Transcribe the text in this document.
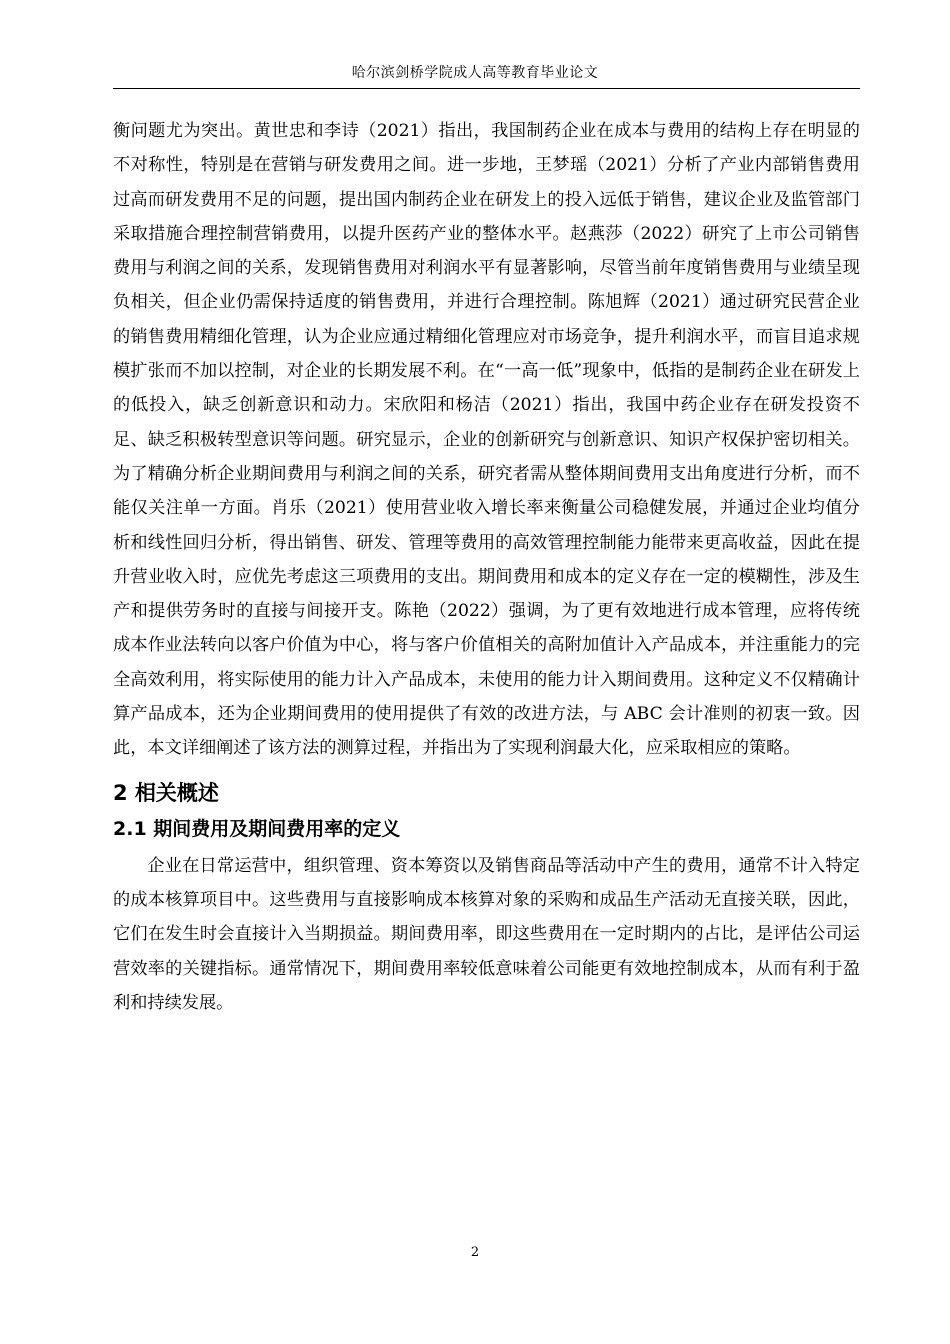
哈尔滨剑桥学院成人高等教育毕业论文

衡问题尤为突出。黄世忠和李诗（2021）指出，我国制药企业在成本与费用的结构上存在明显的不对称性，特别是在营销与研发费用之间。进一步地，王梦瑶（2021）分析了产业内部销售费用过高而研发费用不足的问题，提出国内制药企业在研发上的投入远低于销售，建议企业及监管部门采取措施合理控制营销费用，以提升医药产业的整体水平。赵燕莎（2022）研究了上市公司销售费用与利润之间的关系，发现销售费用对利润水平有显著影响，尽管当前年度销售费用与业绩呈现负相关，但企业仍需保持适度的销售费用，并进行合理控制。陈旭辉（2021）通过研究民营企业的销售费用精细化管理，认为企业应通过精细化管理应对市场竞争，提升利润水平，而盲目追求规模扩张而不加以控制，对企业的长期发展不利。在“一高一低”现象中，低指的是制药企业在研发上的低投入，缺乏创新意识和动力。宋欣阳和杨洁（2021）指出，我国中药企业存在研发投资不足、缺乏积极转型意识等问题。研究显示，企业的创新研究与创新意识、知识产权保护密切相关。为了精确分析企业期间费用与利润之间的关系，研究者需从整体期间费用支出角度进行分析，而不能仅关注单一方面。肖乐（2021）使用营业收入增长率来衡量公司稳健发展，并通过企业均值分析和线性回归分析，得出销售、研发、管理等费用的高效管理控制能力能带来更高收益，因此在提升营业收入时，应优先考虑这三项费用的支出。期间费用和成本的定义存在一定的模糊性，涉及生产和提供劳务时的直接与间接开支。陈艳（2022）强调，为了更有效地进行成本管理，应将传统成本作业法转向以客户价值为中心，将与客户价值相关的高附加值计入产品成本，并注重能力的完全高效利用，将实际使用的能力计入产品成本，未使用的能力计入期间费用。这种定义不仅精确计算产品成本，还为企业期间费用的使用提供了有效的改进方法，与 ABC 会计准则的初衷一致。因此，本文详细阐述了该方法的测算过程，并指出为了实现利润最大化，应采取相应的策略。

2 相关概述
2.1 期间费用及期间费用率的定义

企业在日常运营中，组织管理、资本筹资以及销售商品等活动中产生的费用，通常不计入特定的成本核算项目中。这些费用与直接影响成本核算对象的采购和成品生产活动无直接关联，因此，它们在发生时会直接计入当期损益。期间费用率，即这些费用在一定时期内的占比，是评估公司运营效率的关键指标。通常情况下，期间费用率较低意味着公司能更有效地控制成本，从而有利于盈利和持续发展。

2
